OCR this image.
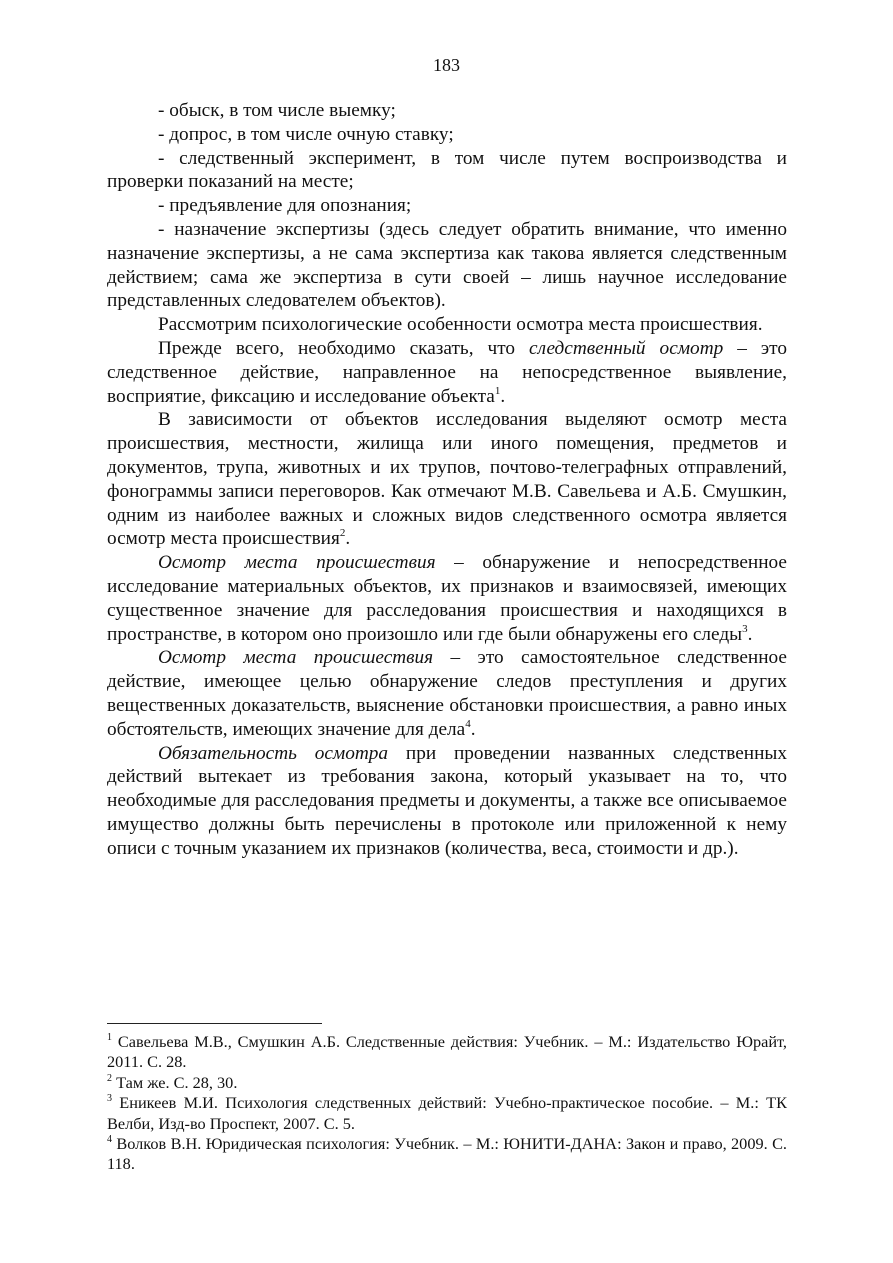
183

- обыск, в том числе выемку;

- допрос, в том числе очную ставку;

- следственный эксперимент, в том числе путем воспроизводства и проверки показаний на месте;

- предъявление для опознания;

- назначение экспертизы (здесь следует обратить внимание, что именно назначение экспертизы, а не сама экспертиза как такова является следственным действием; сама же экспертиза в сути своей – лишь научное исследование представленных следователем объектов).

Рассмотрим психологические особенности осмотра места происшествия.

Прежде всего, необходимо сказать, что следственный осмотр – это следственное действие, направленное на непосредственное выявление, восприятие, фиксацию и исследование объекта$^1$.

В зависимости от объектов исследования выделяют осмотр места происшествия, местности, жилища или иного помещения, предметов и документов, трупа, животных и их трупов, почтово-телеграфных отправлений, фонограммы записи переговоров. Как отмечают М.В. Савельева и А.Б. Смушкин, одним из наиболее важных и сложных видов следственного осмотра является осмотр места происшествия$^2$.

Осмотр места происшествия – обнаружение и непосредственное исследование материальных объектов, их признаков и взаимосвязей, имеющих существенное значение для расследования происшествия и находящихся в пространстве, в котором оно произошло или где были обнаружены его следы$^3$.

Осмотр места происшествия – это самостоятельное следственное действие, имеющее целью обнаружение следов преступления и других вещественных доказательств, выяснение обстановки происшествия, а равно иных обстоятельств, имеющих значение для дела$^4$.

Обязательность осмотра при проведении названных следственных действий вытекает из требования закона, который указывает на то, что необходимые для расследования предметы и документы, а также все описываемое имущество должны быть перечислены в протоколе или приложенной к нему описи с точным указанием их признаков (количества, веса, стоимости и др.).

$^1$ Савельева М.В., Смушкин А.Б. Следственные действия: Учебник. – М.: Издательство Юрайт, 2011. С. 28.

$^2$ Там же. С. 28, 30.

$^3$ Еникеев М.И. Психология следственных действий: Учебно-практическое пособие. – М.: ТК Велби, Изд-во Проспект, 2007. С. 5.

$^4$ Волков В.Н. Юридическая психология: Учебник. – М.: ЮНИТИ-ДАНА: Закон и право, 2009. С. 118.
